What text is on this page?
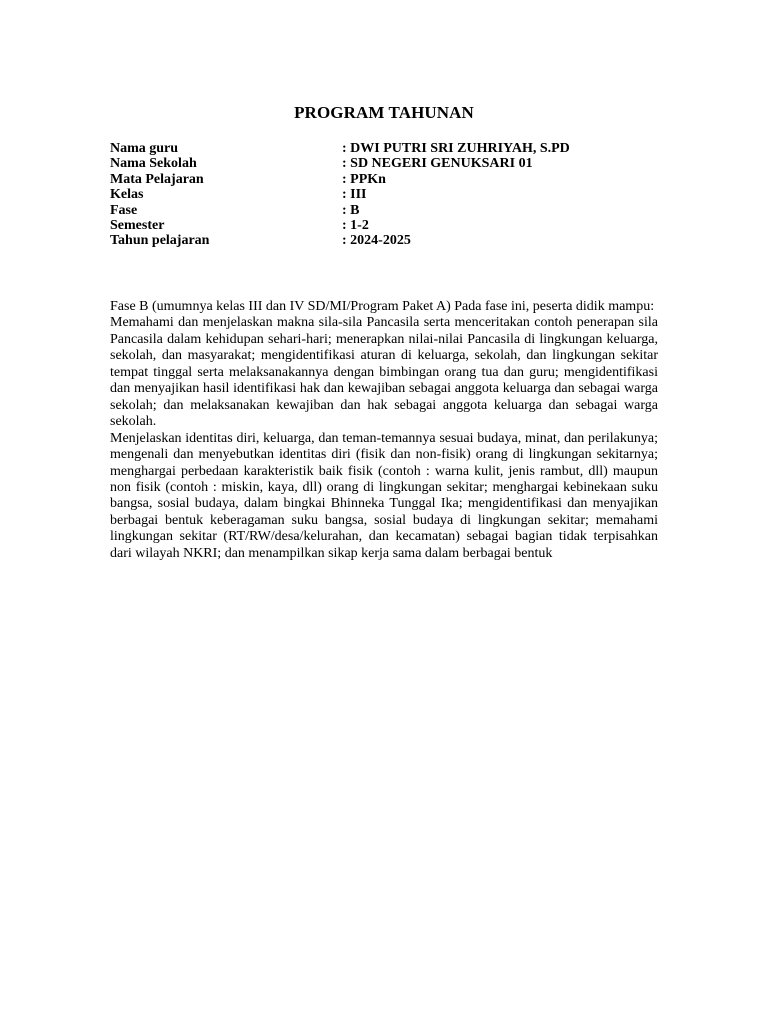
PROGRAM TAHUNAN
Nama guru	: DWI PUTRI SRI ZUHRIYAH, S.PD
Nama Sekolah	: SD NEGERI GENUKSARI 01
Mata Pelajaran	: PPKn
Kelas	: III
Fase	: B
Semester	: 1-2
Tahun pelajaran	: 2024-2025

Fase B (umumnya kelas III dan IV SD/MI/Program Paket A) Pada fase ini, peserta didik mampu:

Memahami dan menjelaskan makna sila-sila Pancasila serta menceritakan contoh penerapan sila Pancasila dalam kehidupan sehari-hari; menerapkan nilai-nilai Pancasila di lingkungan keluarga, sekolah, dan masyarakat; mengidentifikasi aturan di keluarga, sekolah, dan lingkungan sekitar tempat tinggal serta melaksanakannya dengan bimbingan orang tua dan guru; mengidentifikasi dan menyajikan hasil identifikasi hak dan kewajiban sebagai anggota keluarga dan sebagai warga sekolah; dan melaksanakan kewajiban dan hak sebagai anggota keluarga dan sebagai warga sekolah.

Menjelaskan identitas diri, keluarga, dan teman-temannya sesuai budaya, minat, dan perilakunya; mengenali dan menyebutkan identitas diri (fisik dan non-fisik) orang di lingkungan sekitarnya; menghargai perbedaan karakteristik baik fisik (contoh : warna kulit, jenis rambut, dll) maupun non fisik (contoh : miskin, kaya, dll) orang di lingkungan sekitar; menghargai kebinekaan suku bangsa, sosial budaya, dalam bingkai Bhinneka Tunggal Ika; mengidentifikasi dan menyajikan berbagai bentuk keberagaman suku bangsa, sosial budaya di lingkungan sekitar; memahami lingkungan sekitar (RT/RW/desa/kelurahan, dan kecamatan) sebagai bagian tidak terpisahkan dari wilayah NKRI; dan menampilkan sikap kerja sama dalam berbagai bentuk
